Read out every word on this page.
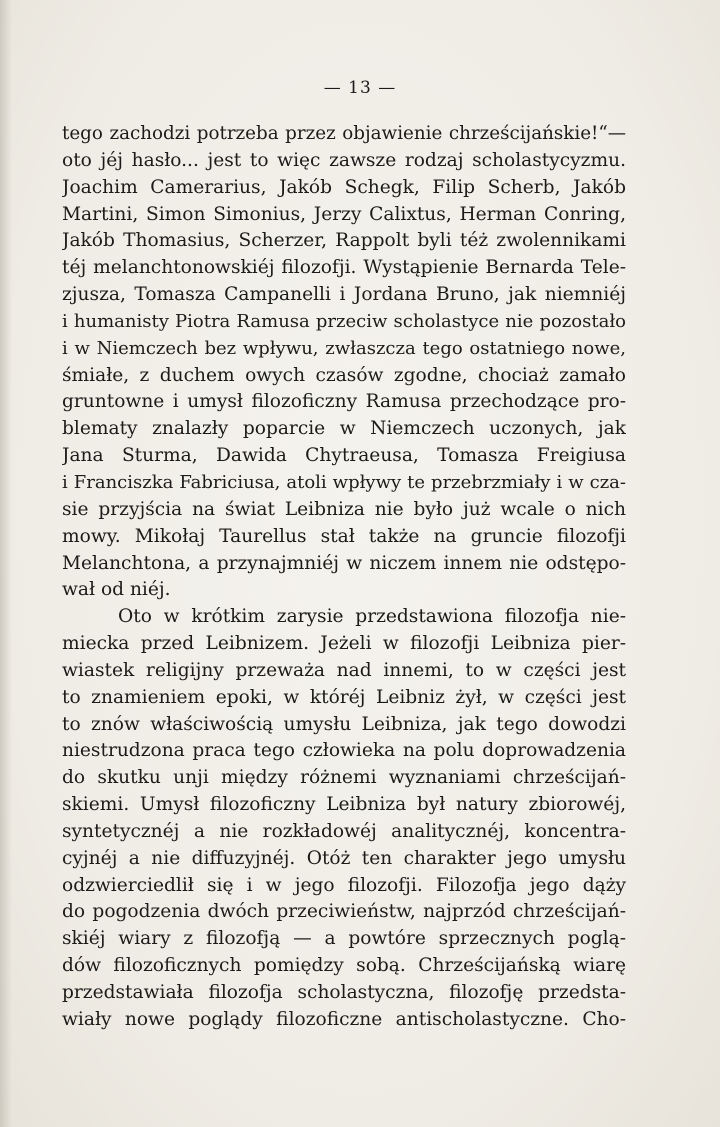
— 13 —
tego zachodzi potrzeba przez objawienie chrześcijańskie!“—
oto jéj hasło... jest to więc zawsze rodzaj scholastycyzmu.
Joachim Camerarius, Jakób Schegk, Filip Scherb, Jakób
Martini, Simon Simonius, Jerzy Calixtus, Herman Conring,
Jakób Thomasius, Scherzer, Rappolt byli téż zwolennikami
téj melanchtonowskiéj filozofji. Wystąpienie Bernarda Tele-
zjusza, Tomasza Campanelli i Jordana Bruno, jak niemniéj
i humanisty Piotra Ramusa przeciw scholastyce nie pozostało
i w Niemczech bez wpływu, zwłaszcza tego ostatniego nowe,
śmiałe, z duchem owych czasów zgodne, chociaż zamało
gruntowne i umysł filozoficzny Ramusa przechodzące pro-
blematy znalazły poparcie w Niemczech uczonych, jak
Jana Sturma, Dawida Chytraeusa, Tomasza Freigiusa
i Franciszka Fabriciusa, atoli wpływy te przebrzmiały i w cza-
sie przyjścia na świat Leibniza nie było już wcale o nich
mowy. Mikołaj Taurellus stał także na gruncie filozofji
Melanchtona, a przynajmniéj w niczem innem nie odstępo-
wał od niéj.
Oto w krótkim zarysie przedstawiona filozofja nie-
miecka przed Leibnizem. Jeżeli w filozofji Leibniza pier-
wiastek religijny przeważa nad innemi, to w części jest
to znamieniem epoki, w któréj Leibniz żył, w części jest
to znów właściwością umysłu Leibniza, jak tego dowodzi
niestrudzona praca tego człowieka na polu doprowadzenia
do skutku unji między różnemi wyznaniami chrześcijań-
skiemi. Umysł filozoficzny Leibniza był natury zbiorowéj,
syntetycznéj a nie rozkładowéj analitycznéj, koncentra-
cyjnéj a nie diffuzyjnéj. Otóż ten charakter jego umysłu
odzwierciedlił się i w jego filozofji. Filozofja jego dąży
do pogodzenia dwóch przeciwieństw, najprzód chrześcijań-
skiéj wiary z filozofją — a powtóre sprzecznych poglą-
dów filozoficznych pomiędzy sobą. Chrześcijańską wiarę
przedstawiała filozofja scholastyczna, filozofję przedsta-
wiały nowe poglądy filozoficzne antischolastyczne. Cho-
